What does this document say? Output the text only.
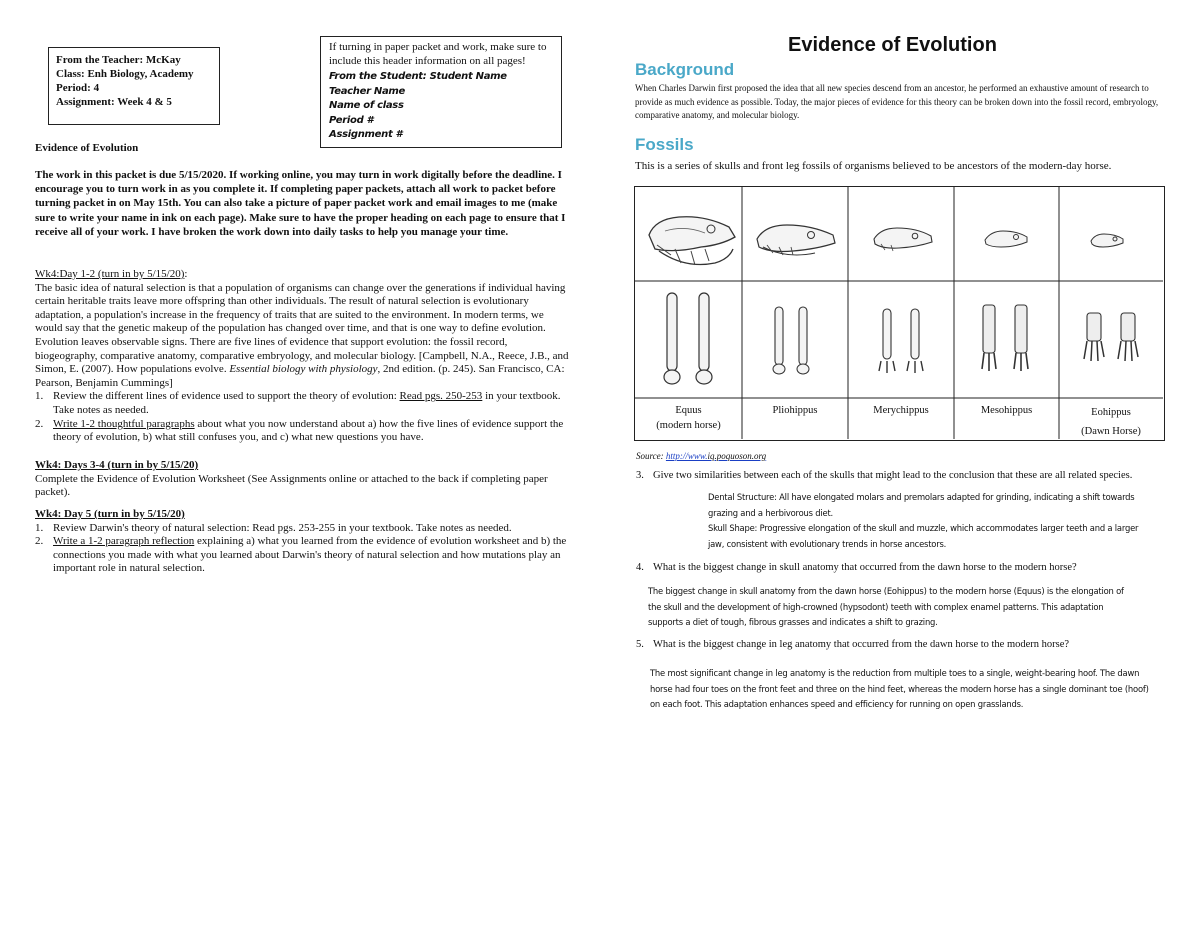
From the Teacher: McKay
Class: Enh Biology, Academy
Period: 4
Assignment: Week 4 & 5
If turning in paper packet and work, make sure to include this header information on all pages!
From the Student: Student Name
Teacher Name
Name of class
Period #
Assignment #
Evidence of Evolution
The work in this packet is due 5/15/2020. If working online, you may turn in work digitally before the deadline. I encourage you to turn work in as you complete it. If completing paper packets, attach all work to packet before turning packet in on May 15th. You can also take a picture of paper packet work and email images to me (make sure to write your name in ink on each page). Make sure to have the proper heading on each page to ensure that I receive all of your work. I have broken the work down into daily tasks to help you manage your time.
Wk4:Day 1-2 (turn in by 5/15/20):
The basic idea of natural selection is that a population of organisms can change over the generations if individual having certain heritable traits leave more offspring than other individuals. The result of natural selection is evolutionary adaptation, a population's increase in the frequency of traits that are suited to the environment. In modern terms, we would say that the genetic makeup of the population has changed over time, and that is one way to define evolution. Evolution leaves observable signs. There are five lines of evidence that support evolution: the fossil record, biogeography, comparative anatomy, comparative embryology, and molecular biology. [Campbell, N.A., Reece, J.B., and Simon, E. (2007). How populations evolve. Essential biology with physiology, 2nd edition. (p. 245). San Francisco, CA: Pearson, Benjamin Cummings]
1. Review the different lines of evidence used to support the theory of evolution: Read pgs. 250-253 in your textbook. Take notes as needed.
2. Write 1-2 thoughtful paragraphs about what you now understand about a) how the five lines of evidence support the theory of evolution, b) what still confuses you, and c) what new questions you have.
Wk4: Days 3-4 (turn in by 5/15/20)
Complete the Evidence of Evolution Worksheet (See Assignments online or attached to the back if completing paper packet).
Wk4: Day 5 (turn in by 5/15/20)
1. Review Darwin's theory of natural selection: Read pgs. 253-255 in your textbook. Take notes as needed.
2. Write a 1-2 paragraph reflection explaining a) what you learned from the evidence of evolution worksheet and b) the connections you made with what you learned about Darwin's theory of natural selection and how mutations play an important role in natural selection.
Evidence of Evolution
Background
When Charles Darwin first proposed the idea that all new species descend from an ancestor, he performed an exhaustive amount of research to provide as much evidence as possible. Today, the major pieces of evidence for this theory can be broken down into the fossil record, embryology, comparative anatomy, and molecular biology.
Fossils
This is a series of skulls and front leg fossils of organisms believed to be ancestors of the modern-day horse.
Equus
(modern horse)
Pliohippus	Merychippus	Mesohippus	Eohippus
(Dawn Horse)
Source: http://www.iq.poquoson.org
3. Give two similarities between each of the skulls that might lead to the conclusion that these are all related species.
Dental Structure: All have elongated molars and premolars adapted for grinding, indicating a shift towards grazing and a herbivorous diet.
Skull Shape: Progressive elongation of the skull and muzzle, which accommodates larger teeth and a larger jaw, consistent with evolutionary trends in horse ancestors.
4. What is the biggest change in skull anatomy that occurred from the dawn horse to the modern horse?
The biggest change in skull anatomy from the dawn horse (Eohippus) to the modern horse (Equus) is the elongation of the skull and the development of high-crowned (hypsodont) teeth with complex enamel patterns. This adaptation supports a diet of tough, fibrous grasses and indicates a shift to grazing.
5. What is the biggest change in leg anatomy that occurred from the dawn horse to the modern horse?
The most significant change in leg anatomy is the reduction from multiple toes to a single, weight-bearing hoof. The dawn horse had four toes on the front feet and three on the hind feet, whereas the modern horse has a single dominant toe (hoof) on each foot. This adaptation enhances speed and efficiency for running on open grasslands.
